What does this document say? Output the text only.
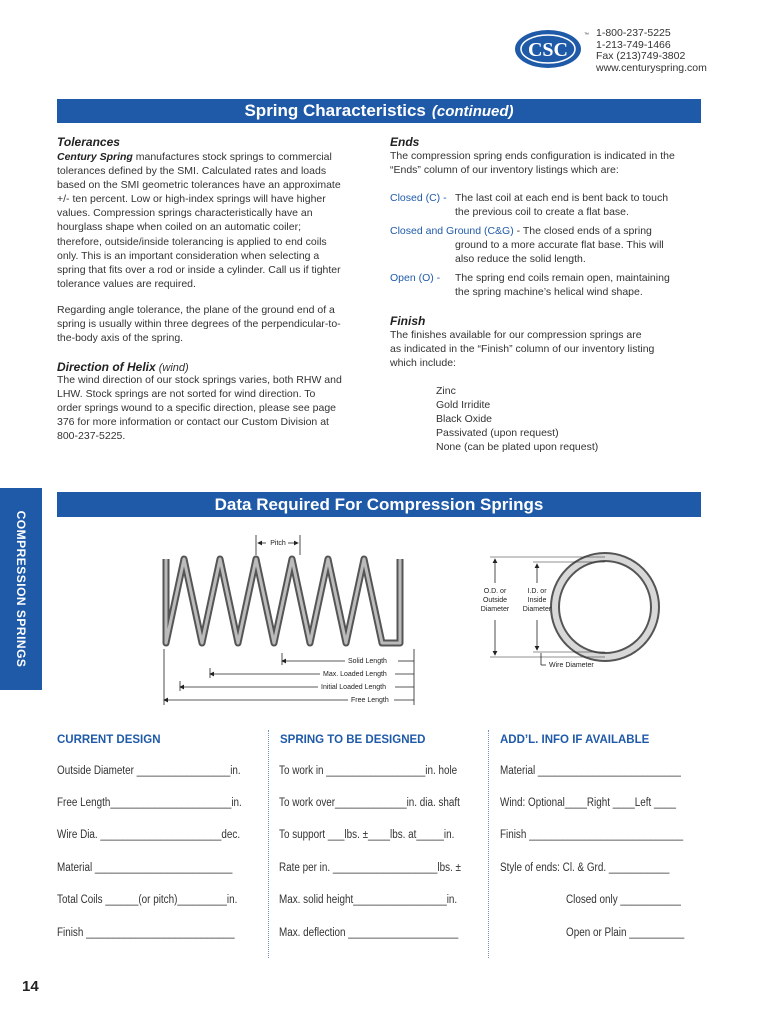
CSC
™ 1-800-237-5225
1-213-749-1466
Fax (213)749-3802
www.centuryspring.com
Spring Characteristics (continued)
Tolerances
Century Spring manufactures stock springs to commercial
tolerances defined by the SMI. Calculated rates and loads
based on the SMI geometric tolerances have an approximate
+/- ten percent. Low or high-index springs will have higher
values. Compression springs characteristically have an
hourglass shape when coiled on an automatic coiler;
therefore, outside/inside tolerancing is applied to end coils
only. This is an important consideration when selecting a
spring that fits over a rod or inside a cylinder. Call us if tighter
tolerance values are required.
Regarding angle tolerance, the plane of the ground end of a
spring is usually within three degrees of the perpendicular-to-
the-body axis of the spring.
Direction of Helix (wind)
The wind direction of our stock springs varies, both RHW and
LHW. Stock springs are not sorted for wind direction. To
order springs wound to a specific direction, please see page
376 for more information or contact our Custom Division at
800-237-5225.
Ends
The compression spring ends configuration is indicated in the
“Ends” column of our inventory listings which are:
Closed (C) - The last coil at each end is bent back to touch
the previous coil to create a flat base.
Closed and Ground (C&G) - The closed ends of a spring
ground to a more accurate flat base. This will
also reduce the solid length.
Open (O) - The spring end coils remain open, maintaining
the spring machine’s helical wind shape.
Finish
The finishes available for our compression springs are
as indicated in the “Finish” column of our inventory listing
which include:
Zinc
Gold Irridite
Black Oxide
Passivated (upon request)
None (can be plated upon request)
Data Required For Compression Springs
COMPRESSION SPRINGS	Pitch
Solid Length
Max. Loaded Length
Initial Loaded Length
Free Length
O.D. or
Outside
Diameter
I.D. or
Inside
Diameter
Wire Diameter
CURRENT DESIGN	SPRING TO BE DESIGNED	ADD’L. INFO IF AVAILABLE
Outside Diameter _________________in.
Free Length______________________in.
Wire Dia. ______________________dec.
Material _________________________
Total Coils ______(or pitch)_________in.
Finish ___________________________
To work in __________________in. hole
To work over_____________in. dia. shaft
To support ___lbs. ±____lbs. at_____in.
Rate per in. ___________________lbs. ±
Max. solid height_________________in.
Max. deflection ____________________
Material __________________________
Wind: Optional____Right ____Left ____
Finish ____________________________
Style of ends: Cl. & Grd. ___________
Closed only ___________
Open or Plain __________
14
